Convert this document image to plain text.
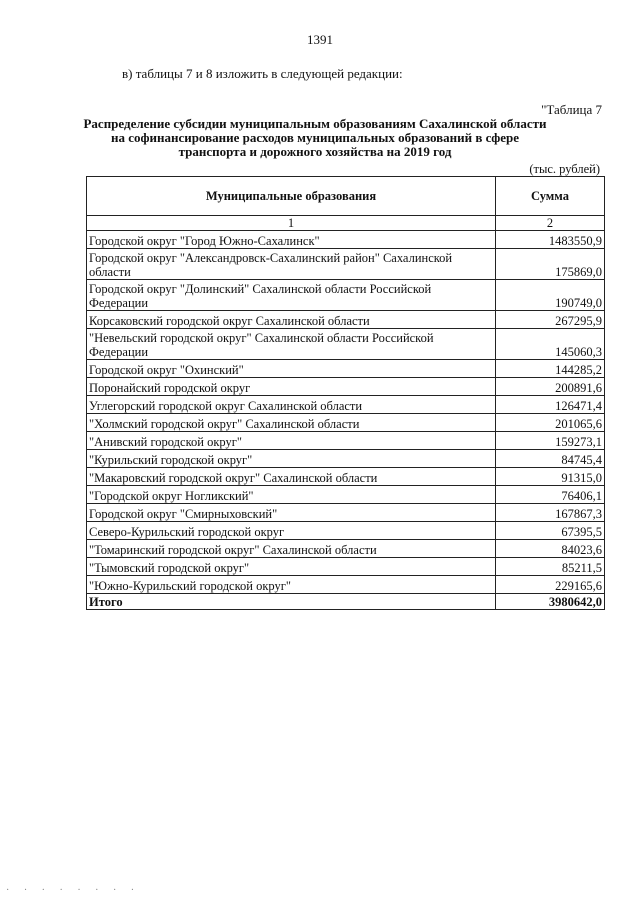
1391
в) таблицы 7 и 8 изложить в следующей редакции:
"Таблица 7
Распределение субсидии муниципальным образованиям Сахалинской области на софинансирование расходов муниципальных образований в сфере транспорта и дорожного хозяйства на 2019 год
(тыс. рублей)
Муниципальные образования	Сумма
1	2
Городской округ "Город Южно-Сахалинск"	1483550,9
Городской округ "Александровск-Сахалинский район" Сахалинской области	175869,0
Городской округ "Долинский" Сахалинской области Российской Федерации	190749,0
Корсаковский городской округ Сахалинской области	267295,9
"Невельский городской округ" Сахалинской области Российской Федерации	145060,3
Городской округ "Охинский"	144285,2
Поронайский городской округ	200891,6
Углегорский городской округ Сахалинской области	126471,4
"Холмский городской округ" Сахалинской области	201065,6
"Анивский городской округ"	159273,1
"Курильский городской округ"	84745,4
"Макаровский городской округ" Сахалинской области	91315,0
"Городской округ Ногликский"	76406,1
Городской округ "Смирныховский"	167867,3
Северо-Курильский городской округ	67395,5
"Томаринский городской округ" Сахалинской области	84023,6
"Тымовский городской округ"	85211,5
"Южно-Курильский городской округ"	229165,6
Итого	3980642,0
· · · · · · · ·
